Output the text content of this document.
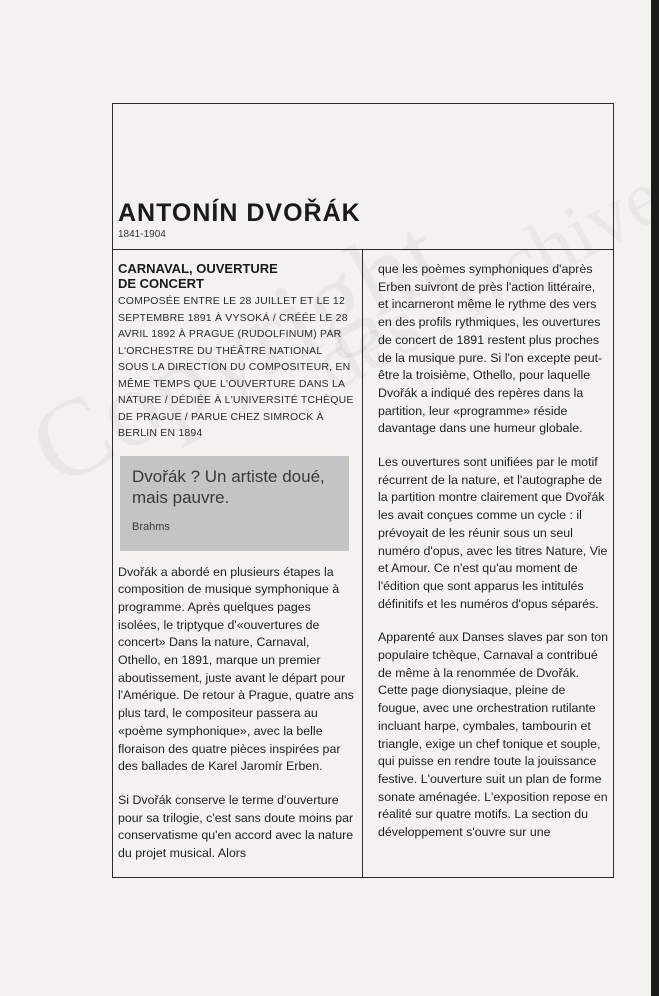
ANTONÍN DVOŘÁK
1841-1904
CARNAVAL, OUVERTURE
DE CONCERT

COMPOSÉE ENTRE LE 28 JUILLET ET LE 12 SEPTEMBRE 1891 À VYSOKÁ / CRÉÉE LE 28 AVRIL 1892 À PRAGUE (RUDOLFINUM) PAR L'ORCHESTRE DU THÉÂTRE NATIONAL SOUS LA DIRECTION DU COMPOSITEUR, EN MÊME TEMPS QUE L'OUVERTURE DANS LA NATURE / DÉDIÉE À L'UNIVERSITÉ TCHÈQUE DE PRAGUE / PARUE CHEZ SIMROCK À BERLIN EN 1894

Dvořák ? Un artiste doué, mais pauvre.

Brahms

Dvořák a abordé en plusieurs étapes la composition de musique symphonique à programme. Après quelques pages isolées, le triptyque d'«ouvertures de concert» Dans la nature, Carnaval, Othello, en 1891, marque un premier aboutissement, juste avant le départ pour l'Amérique. De retour à Prague, quatre ans plus tard, le compositeur passera au «poème symphonique», avec la belle floraison des quatre pièces inspirées par des ballades de Karel Jaromír Erben.

Si Dvořák conserve le terme d'ouverture pour sa trilogie, c'est sans doute moins par conservatisme qu'en accord avec la nature du projet musical. Alors

que les poèmes symphoniques d'après Erben suivront de près l'action littéraire, et incarneront même le rythme des vers en des profils rythmiques, les ouvertures de concert de 1891 restent plus proches de la musique pure. Si l'on excepte peut-être la troisième, Othello, pour laquelle Dvořák a indiqué des repères dans la partition, leur «programme» réside davantage dans une humeur globale.

Les ouvertures sont unifiées par le motif récurrent de la nature, et l'autographe de la partition montre clairement que Dvořák les avait conçues comme un cycle : il prévoyait de les réunir sous un seul numéro d'opus, avec les titres Nature, Vie et Amour. Ce n'est qu'au moment de l'édition que sont apparus les intitulés définitifs et les numéros d'opus séparés.

Apparenté aux Danses slaves par son ton populaire tchèque, Carnaval a contribué de même à la renommée de Dvořák. Cette page dionysiaque, pleine de fougue, avec une orchestration rutilante incluant harpe, cymbales, tambourin et triangle, exige un chef tonique et souple, qui puisse en rendre toute la jouissance festive. L'ouverture suit un plan de forme sonate aménagée. L'exposition repose en réalité sur quatre motifs. La section du développement s'ouvre sur une
